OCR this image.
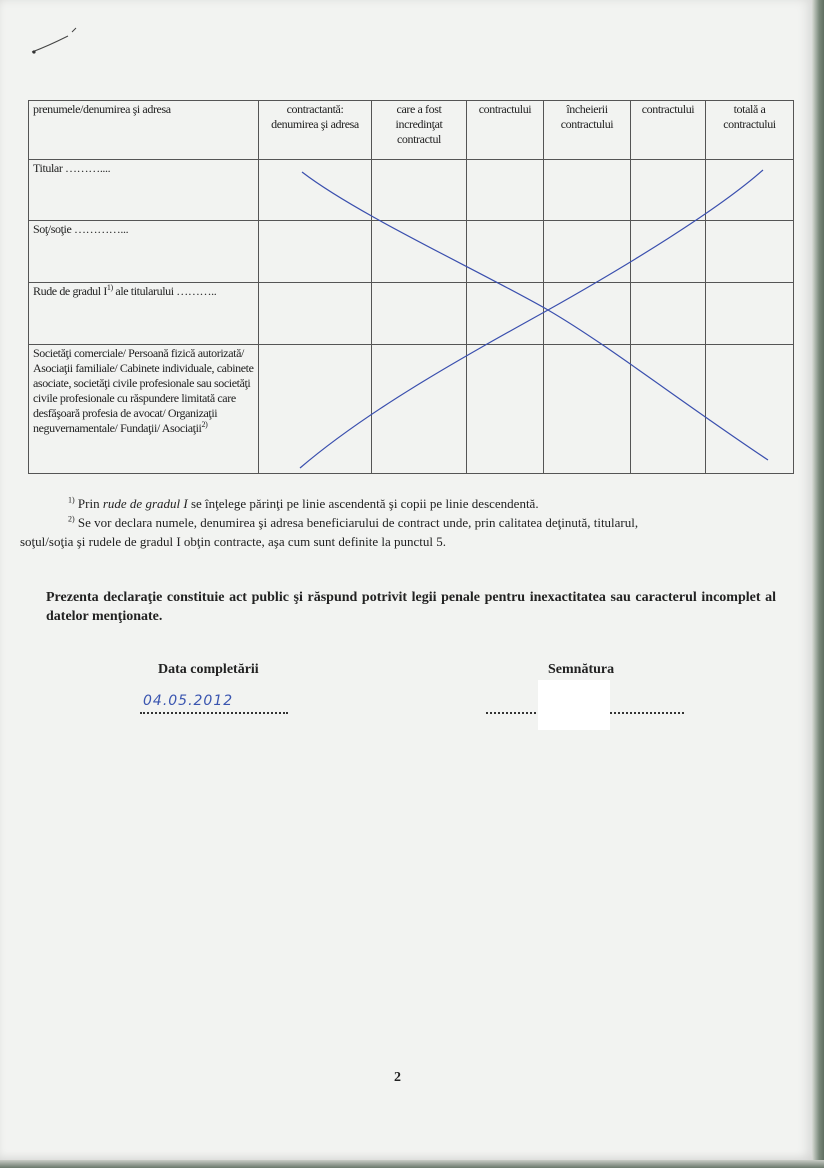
prenumele/denumirea şi adresa	contractantă: denumirea şi adresa	care a fost incredinţat contractul	contractului	încheierii contractului	contractului	totală a contractului
Titular ………....						
Soţ/soţie …………...						
Rude de gradul $I^{1)}$ ale titularului ………..						
Societăţi comerciale/ Persoană fizică autorizată/ Asociaţii familiale/ Cabinete individuale, cabinete asociate, societăţi civile profesionale sau societăţi civile profesionale cu răspundere limitată care desfăşoară profesia de avocat/ Organizaţii neguvernamentale/ Fundaţii/ Asociaţii$^{2)}$						

$^{1)}$ Prin rude de gradul I se înţelege părinţi pe linie ascendentă şi copii pe linie descendentă.

$^{2)}$ Se vor declara numele, denumirea şi adresa beneficiarului de contract unde, prin calitatea deţinută, titularul,

soţul/soţia şi rudele de gradul I obţin contracte, aşa cum sunt definite la punctul 5.

Prezenta declaraţie constituie act public şi răspund potrivit legii penale pentru inexactitatea sau caracterul incomplet al datelor menţionate.
Data completării
04.05.2012
Semnătura
2
